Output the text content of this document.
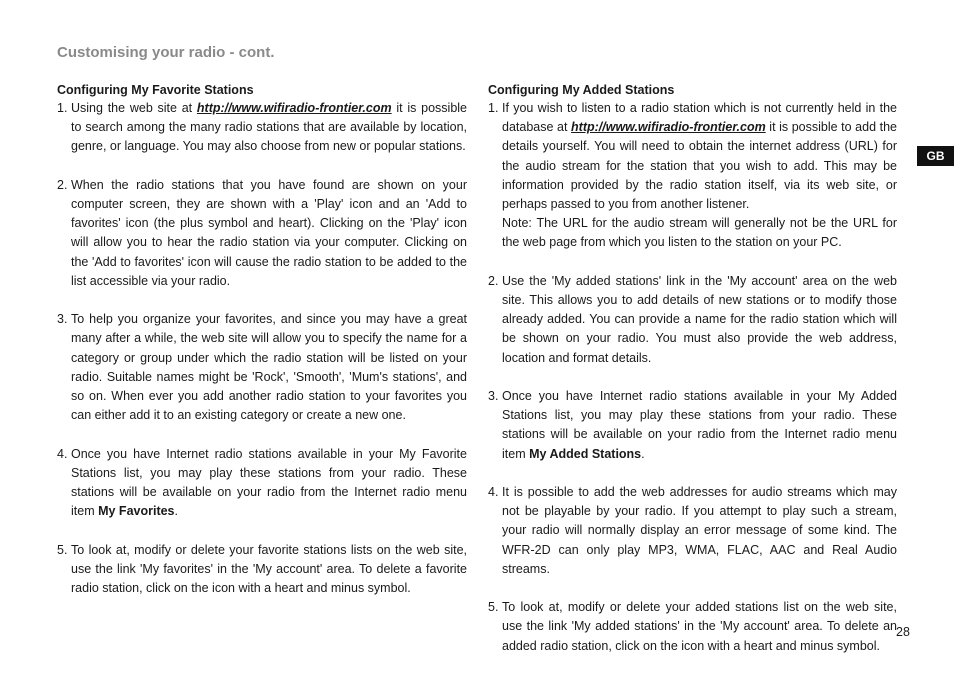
Customising your radio - cont.
Configuring My Favorite Stations
1. Using the web site at http://www.wifiradio-frontier.com it is possible to search among the many radio stations that are available by location, genre, or language. You may also choose from new or popular stations.
2. When the radio stations that you have found are shown on your computer screen, they are shown with a 'Play' icon and an 'Add to favorites' icon (the plus symbol and heart). Clicking on the 'Play' icon will allow you to hear the radio station via your computer. Clicking on the 'Add to favorites' icon will cause the radio station to be added to the list accessible via your radio.
3. To help you organize your favorites, and since you may have a great many after a while, the web site will allow you to specify the name for a category or group under which the radio station will be listed on your radio. Suitable names might be 'Rock', 'Smooth', 'Mum's stations', and so on. When ever you add another radio station to your favorites you can either add it to an existing category or create a new one.
4. Once you have Internet radio stations available in your My Favorite Stations list, you may play these stations from your radio. These stations will be available on your radio from the Internet radio menu item My Favorites.
5. To look at, modify or delete your favorite stations lists on the web site, use the link 'My favorites' in the 'My account' area. To delete a favorite radio station, click on the icon with a heart and minus symbol.
Configuring My Added Stations
1. If you wish to listen to a radio station which is not currently held in the database at http://www.wifiradio-frontier.com it is possible to add the details yourself. You will need to obtain the internet address (URL) for the audio stream for the station that you wish to add. This may be information provided by the radio station itself, via its web site, or perhaps passed to you from another listener.
Note: The URL for the audio stream will generally not be the URL for the web page from which you listen to the station on your PC.
2. Use the 'My added stations' link in the 'My account' area on the web site. This allows you to add details of new stations or to modify those already added. You can provide a name for the radio station which will be shown on your radio. You must also provide the web address, location and format details.
3. Once you have Internet radio stations available in your My Added Stations list, you may play these stations from your radio. These stations will be available on your radio from the Internet radio menu item My Added Stations.
4. It is possible to add the web addresses for audio streams which may not be playable by your radio. If you attempt to play such a stream, your radio will normally display an error message of some kind. The WFR-2D can only play MP3, WMA, FLAC, AAC and Real Audio streams.
5. To look at, modify or delete your added stations list on the web site, use the link 'My added stations' in the 'My account' area. To delete an added radio station, click on the icon with a heart and minus symbol.
GB
28
